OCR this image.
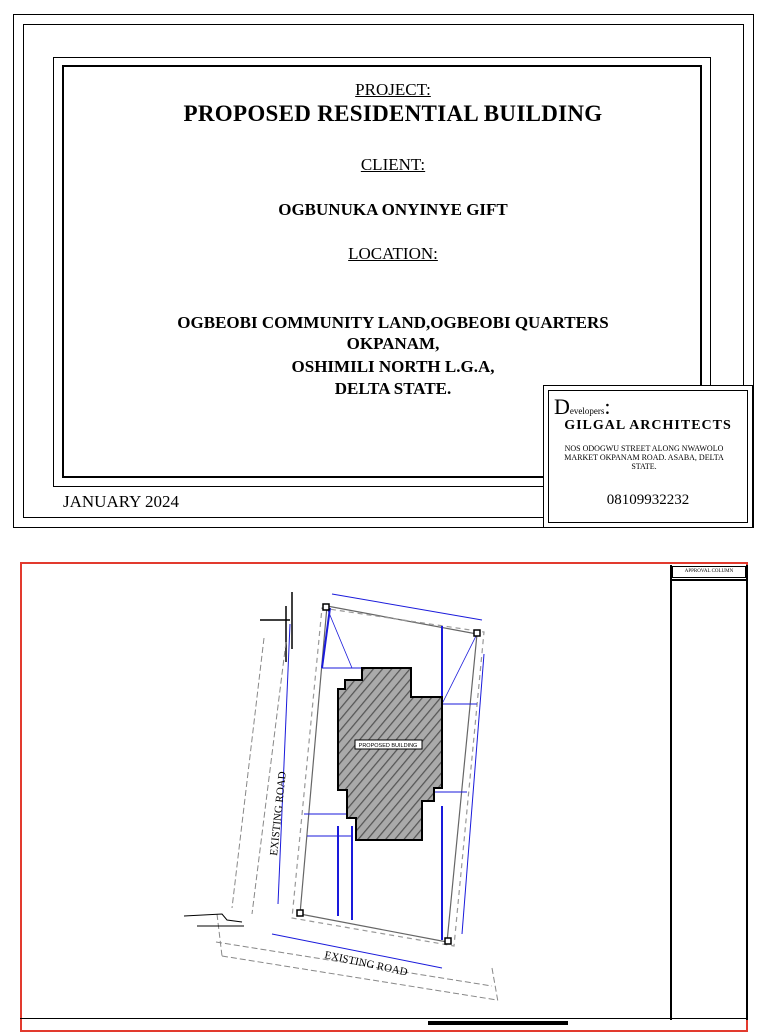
PROJECT:
PROPOSED RESIDENTIAL BUILDING
CLIENT:
OGBUNUKA ONYINYE GIFT
LOCATION:
OGBEOBI COMMUNITY LAND,OGBEOBI QUARTERS
OKPANAM,
OSHIMILI NORTH L.G.A,
DELTA STATE.
JANUARY 2024
Developers:
GILGAL ARCHITECTS
NOS ODOGWU STREET ALONG NWAWOLO MARKET OKPANAM ROAD. ASABA, DELTA STATE.
08109932232
PROPOSED BUILDING
EXISTING ROAD
EXISTING ROAD
APPROVAL COLUMN
